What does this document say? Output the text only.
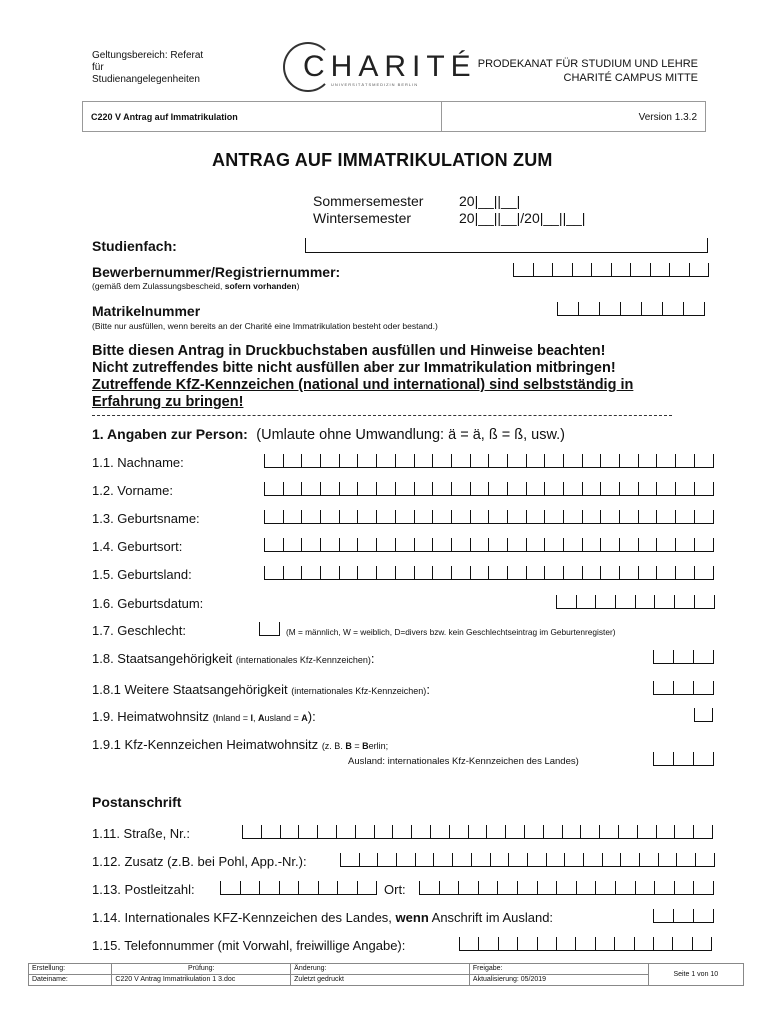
Geltungsbereich: Referat
für
Studienangelegenheiten	CHARITÉ
UNIVERSITÄTSMEDIZIN BERLIN
PRODEKANAT FÜR STUDIUM UND LEHRE
CHARITÉ CAMPUS MITTE
C220 V Antrag auf Immatrikulation	Version 1.3.2
ANTRAG AUF IMMATRIKULATION ZUM
Sommersemester	20|__||__|
Wintersemester	20|__||__|/20|__||__|
Studienfach:
Bewerbernummer/Registriernummer:
(gemäß dem Zulassungsbescheid, sofern vorhanden)
Matrikelnummer
(Bitte nur ausfüllen, wenn bereits an der Charité eine Immatrikulation besteht oder bestand.)
Bitte diesen Antrag in Druckbuchstaben ausfüllen und Hinweise beachten!
Nicht zutreffendes bitte nicht ausfüllen aber zur Immatrikulation mitbringen!
Zutreffende KfZ-Kennzeichen (national und international) sind selbstständig in
Erfahrung zu bringen!
1. Angaben zur Person: (Umlaute ohne Umwandlung: ä = ä, ß = ß, usw.)
1.1. Nachname:
1.2. Vorname:
1.3. Geburtsname:
1.4. Geburtsort:
1.5. Geburtsland:
1.6. Geburtsdatum:
1.7. Geschlecht:	(M = männlich, W = weiblich, D=divers bzw. kein Geschlechtseintrag im Geburtenregister)
1.8. Staatsangehörigkeit (internationales Kfz-Kennzeichen):
1.8.1 Weitere Staatsangehörigkeit (internationales Kfz-Kennzeichen):
1.9. Heimatwohnsitz (Inland = I, Ausland = A):
1.9.1 Kfz-Kennzeichen Heimatwohnsitz (z. B. B = Berlin;
Ausland: internationales Kfz-Kennzeichen des Landes)
Postanschrift
1.11. Straße, Nr.:
1.12. Zusatz (z.B. bei Pohl, App.-Nr.):
1.13. Postleitzahl:	Ort:
1.14. Internationales KFZ-Kennzeichen des Landes, wenn Anschrift im Ausland:
1.15. Telefonnummer (mit Vorwahl, freiwillige Angabe):
Erstellung:	Prüfung:	Änderung:	Freigabe:	Seite 1 von 10
Dateiname:	C220 V Antrag Immatrikulation 1 3.doc	Zuletzt gedruckt	Aktualisierung: 05/2019	
